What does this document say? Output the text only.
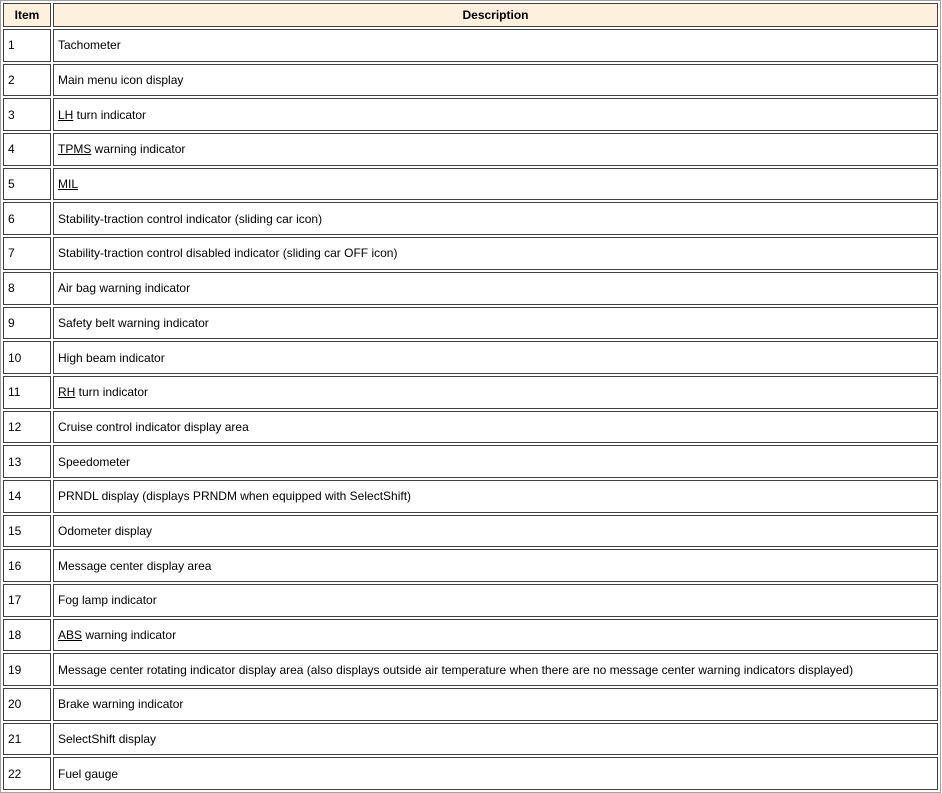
Item	Description
1	Tachometer
2	Main menu icon display
3	LH turn indicator
4	TPMS warning indicator
5	MIL
6	Stability-traction control indicator (sliding car icon)
7	Stability-traction control disabled indicator (sliding car OFF icon)
8	Air bag warning indicator
9	Safety belt warning indicator
10	High beam indicator
11	RH turn indicator
12	Cruise control indicator display area
13	Speedometer
14	PRNDL display (displays PRNDM when equipped with SelectShift)
15	Odometer display
16	Message center display area
17	Fog lamp indicator
18	ABS warning indicator
19	Message center rotating indicator display area (also displays outside air temperature when there are no message center warning indicators displayed)
20	Brake warning indicator
21	SelectShift display
22	Fuel gauge
